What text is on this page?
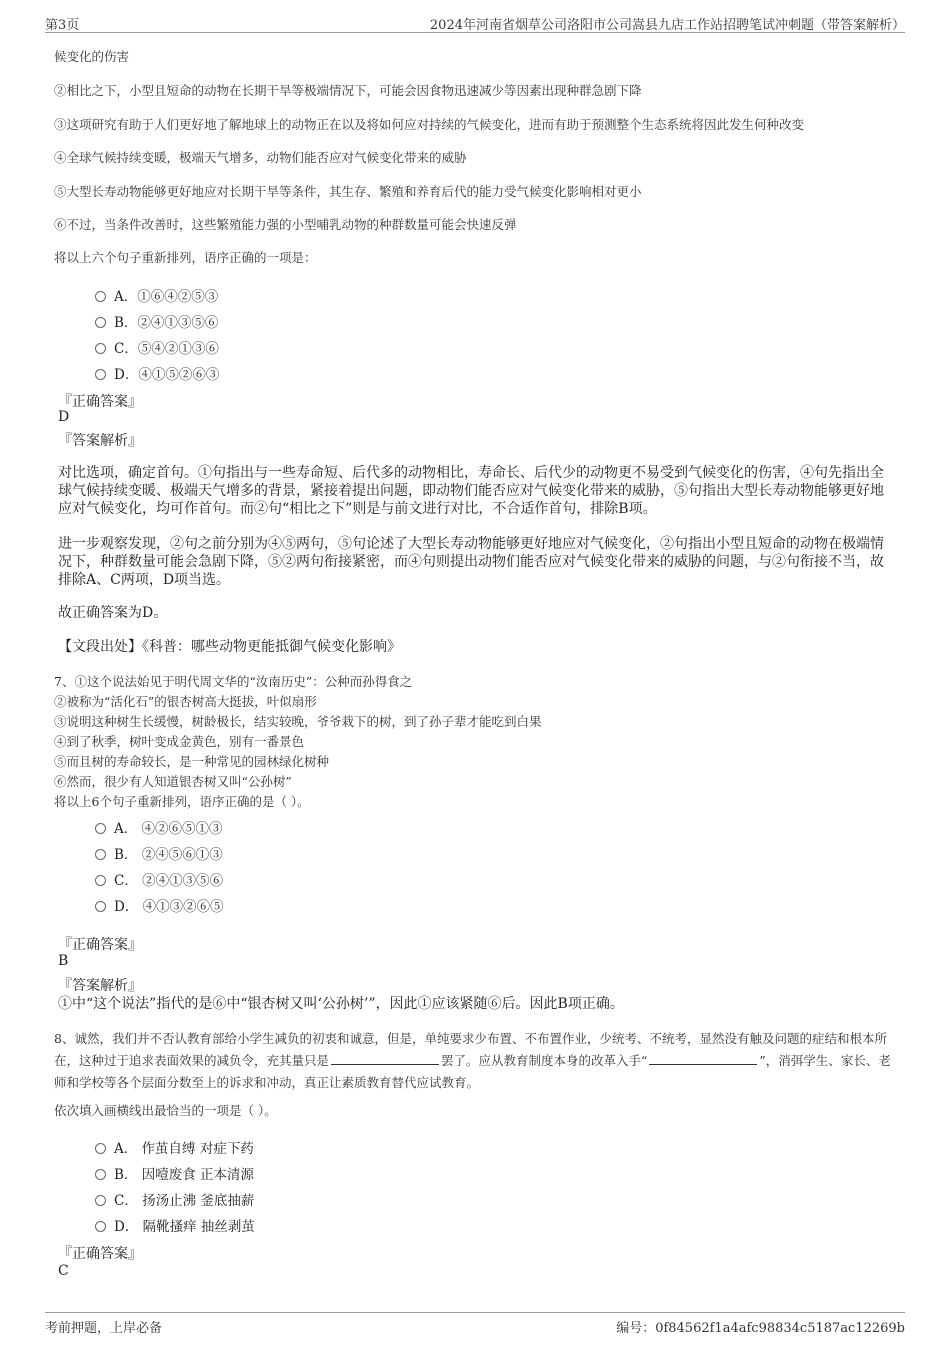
第3页	2024年河南省烟草公司洛阳市公司嵩县九店工作站招聘笔试冲刺题（带答案解析）
候变化的伤害
②相比之下，小型且短命的动物在长期干旱等极端情况下，可能会因食物迅速减少等因素出现种群急剧下降
③这项研究有助于人们更好地了解地球上的动物正在以及将如何应对持续的气候变化，进而有助于预测整个生态系统将因此发生何种改变
④全球气候持续变暖，极端天气增多，动物们能否应对气候变化带来的威胁
⑤大型长寿动物能够更好地应对长期干旱等条件，其生存、繁殖和养育后代的能力受气候变化影响相对更小
⑥不过，当条件改善时，这些繁殖能力强的小型哺乳动物的种群数量可能会快速反弹
将以上六个句子重新排列，语序正确的一项是：
A．①⑥④②⑤③
B．②④①③⑤⑥
C．⑤④②①③⑥
D．④①⑤②⑥③
『正确答案』
D
『答案解析』
对比选项，确定首句。①句指出与一些寿命短、后代多的动物相比，寿命长、后代少的动物更不易受到气候变化的伤害，④句先指出全球气候持续变暖、极端天气增多的背景，紧接着提出问题，即动物们能否应对气候变化带来的威胁，⑤句指出大型长寿动物能够更好地应对气候变化，均可作首句。而②句“相比之下”则是与前文进行对比，不合适作首句，排除B项。
进一步观察发现，②句之前分别为④⑤两句，⑤句论述了大型长寿动物能够更好地应对气候变化，②句指出小型且短命的动物在极端情况下，种群数量可能会急剧下降，⑤②两句衔接紧密，而④句则提出动物们能否应对气候变化带来的威胁的问题，与②句衔接不当，故排除A、C两项，D项当选。
故正确答案为D。
【文段出处】《科普：哪些动物更能抵御气候变化影响》
7、①这个说法始见于明代周文华的“汝南历史”：公种而孙得食之
②被称为“活化石”的银杏树高大挺拔，叶似扇形
③说明这种树生长缓慢，树龄极长，结实较晚，爷爷栽下的树，到了孙子辈才能吃到白果
④到了秋季，树叶变成金黄色，别有一番景色
⑤而且树的寿命较长，是一种常见的园林绿化树种
⑥然而，很少有人知道银杏树又叫“公孙树”
将以上6个句子重新排列，语序正确的是（ ）。
A． ④②⑥⑤①③
B． ②④⑤⑥①③
C． ②④①③⑤⑥
D． ④①③②⑥⑤
『正确答案』
B
『答案解析』
①中“这个说法”指代的是⑥中“银杏树又叫‘公孙树’”，因此①应该紧随⑥后。因此B项正确。
8、诚然，我们并不否认教育部给小学生减负的初衷和诚意，但是，单纯要求少布置、不布置作业，少统考、不统考，显然没有触及问题的症结和根本所在，这种过于追求表面效果的减负令，充其量只是	罢了。应从教育制度本身的改革入手“	”，消弭学生、家长、老师和学校等各个层面分数至上的诉求和冲动，真正让素质教育替代应试教育。
依次填入画横线出最恰当的一项是（ ）。
A． 作茧自缚 对症下药
B． 因噎废食 正本清源
C． 扬汤止沸 釜底抽薪
D． 隔靴搔痒 抽丝剥茧
『正确答案』
C
考前押题，上岸必备	编号：0f84562f1a4afc98834c5187ac12269b
